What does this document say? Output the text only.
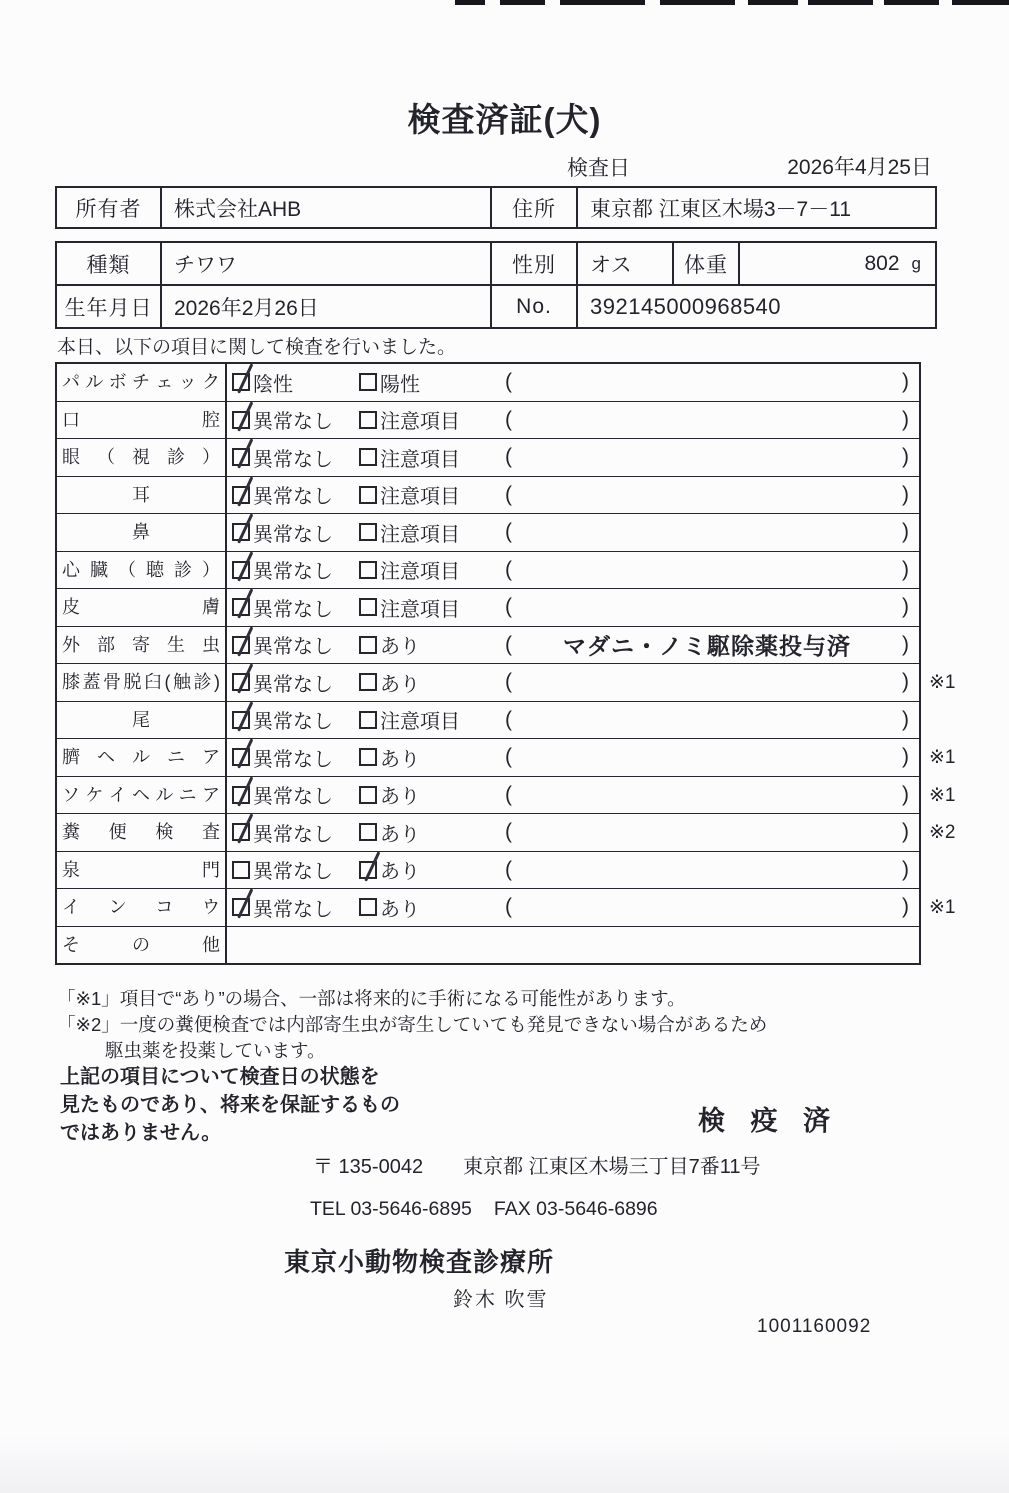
検査済証(犬)
検査日	2026年4月25日
所有者	株式会社AHB	住所	東京都 江東区木場3－7－11
種類	チワワ	性別	オス	体重	802 g
生年月日	2026年2月26日	No.	392145000968540
本日、以下の項目に関して検査を行いました。
パ ル ボ チ ェ ッ ク	陰性	陽性	(	)
口 腔	異常なし 注意項目 (	)
眼 （ 視 診 ）	異常なし 注意項目 (	)
耳	異常なし 注意項目 (	)
鼻	異常なし 注意項目 (	)
心 臓 （ 聴 診 ）	異常なし 注意項目 (	)
皮 膚	異常なし 注意項目 (	)
外 部 寄 生 虫	異常なし あり	(	マダニ・ノミ駆除薬投与済	)
膝蓋骨脱臼(触診)	異常なし あり	(	) ※1
尾	異常なし 注意項目 (	)
臍 ヘ ル ニ ア	異常なし あり	(	) ※1
ソ ケ イ ヘ ル ニ ア	異常なし あり	(	) ※1
糞 便 検 査	異常なし あり	(	) ※2
泉 門	異常なし あり	(	)
イ ン コ ウ	異常なし あり	(	) ※1
そ の 他
「※1」項目で“あり”の場合、一部は将来的に手術になる可能性があります。
「※2」一度の糞便検査では内部寄生虫が寄生していても発見できない場合があるため
駆虫薬を投薬しています。
上記の項目について検査日の状態を
見たものであり、将来を保証するもの
ではありません。	検 疫 済
〒 135-0042 東京都 江東区木場三丁目7番11号
TEL 03-5646-6895 FAX 03-5646-6896
東京小動物検査診療所
鈴木 吹雪
1001160092
